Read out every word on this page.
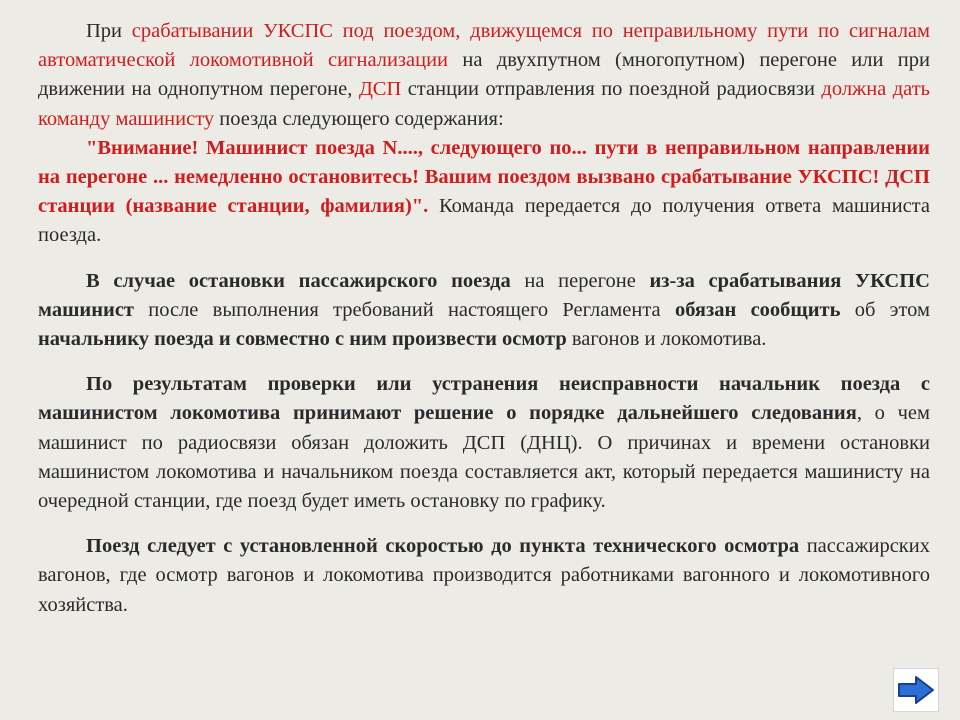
При срабатывании УКСПС под поездом, движущемся по неправильному пути по сигналам автоматической локомотивной сигнализации на двухпутном (многопутном) перегоне или при движении на однопутном перегоне, ДСП станции отправления по поездной радиосвязи должна дать команду машинисту поезда следующего содержания:

"Внимание! Машинист поезда N...., следующего по... пути в неправильном направлении на перегоне ... немедленно остановитесь! Вашим поездом вызвано срабатывание УКСПС! ДСП станции (название станции, фамилия)". Команда передается до получения ответа машиниста поезда.

В случае остановки пассажирского поезда на перегоне из-за срабатывания УКСПС машинист после выполнения требований настоящего Регламента обязан сообщить об этом начальнику поезда и совместно с ним произвести осмотр вагонов и локомотива.

По результатам проверки или устранения неисправности начальник поезда с машинистом локомотива принимают решение о порядке дальнейшего следования, о чем машинист по радиосвязи обязан доложить ДСП (ДНЦ). О причинах и времени остановки машинистом локомотива и начальником поезда составляется акт, который передается машинисту на очередной станции, где поезд будет иметь остановку по графику.

Поезд следует с установленной скоростью до пункта технического осмотра пассажирских вагонов, где осмотр вагонов и локомотива производится работниками вагонного и локомотивного хозяйства.
